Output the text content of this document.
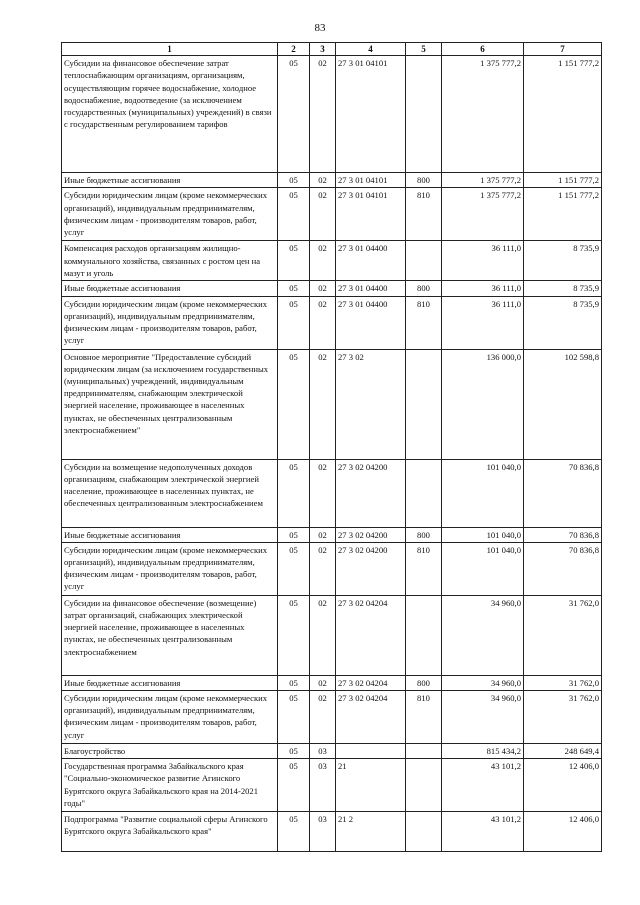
83
1	2	3	4	5	6	7
Субсидии на финансовое обеспечение затрат теплоснабжающим организациям, организациям, осуществляющим горячее водоснабжение, холодное водоснабжение, водоотведение (за исключением государственных (муниципальных) учреждений) в связи с государственным регулированием тарифов	05	02	27 3 01 04101		1 375 777,2	1 151 777,2
Иные бюджетные ассигнования	05	02	27 3 01 04101	800	1 375 777,2	1 151 777,2
Субсидии юридическим лицам (кроме некоммерческих организаций), индивидуальным предпринимателям, физическим лицам - производителям товаров, работ, услуг	05	02	27 3 01 04101	810	1 375 777,2	1 151 777,2
Компенсация расходов организациям жилищно-коммунального хозяйства, связанных с ростом цен на мазут и уголь	05	02	27 3 01 04400		36 111,0	8 735,9
Иные бюджетные ассигнования	05	02	27 3 01 04400	800	36 111,0	8 735,9
Субсидии юридическим лицам (кроме некоммерческих организаций), индивидуальным предпринимателям, физическим лицам - производителям товаров, работ, услуг	05	02	27 3 01 04400	810	36 111,0	8 735,9
Основное мероприятие "Предоставление субсидий юридическим лицам (за исключением государственных (муниципальных) учреждений, индивидуальным предпринимателям, снабжающим электрической энергией население, проживающее в населенных пунктах, не обеспеченных централизованным электроснабжением"	05	02	27 3 02		136 000,0	102 598,8
Субсидии на возмещение недополученных доходов организациям, снабжающим электрической энергией население, проживающее в населенных пунктах, не обеспеченных централизованным электроснабжением	05	02	27 3 02 04200		101 040,0	70 836,8
Иные бюджетные ассигнования	05	02	27 3 02 04200	800	101 040,0	70 836,8
Субсидии юридическим лицам (кроме некоммерческих организаций), индивидуальным предпринимателям, физическим лицам - производителям товаров, работ, услуг	05	02	27 3 02 04200	810	101 040,0	70 836,8
Субсидии на финансовое обеспечение (возмещение) затрат организаций, снабжающих электрической энергией население, проживающее в населенных пунктах, не обеспеченных централизованным электроснабжением	05	02	27 3 02 04204		34 960,0	31 762,0
Иные бюджетные ассигнования	05	02	27 3 02 04204	800	34 960,0	31 762,0
Субсидии юридическим лицам (кроме некоммерческих организаций), индивидуальным предпринимателям, физическим лицам - производителям товаров, работ, услуг	05	02	27 3 02 04204	810	34 960,0	31 762,0
Благоустройство	05	03			815 434,2	248 649,4
Государственная программа Забайкальского края "Социально-экономическое развитие Агинского Бурятского округа Забайкальского края на 2014-2021 годы"	05	03	21		43 101,2	12 406,0
Подпрограмма "Развитие социальной сферы Агинского Бурятского округа Забайкальского края"	05	03	21 2		43 101,2	12 406,0
